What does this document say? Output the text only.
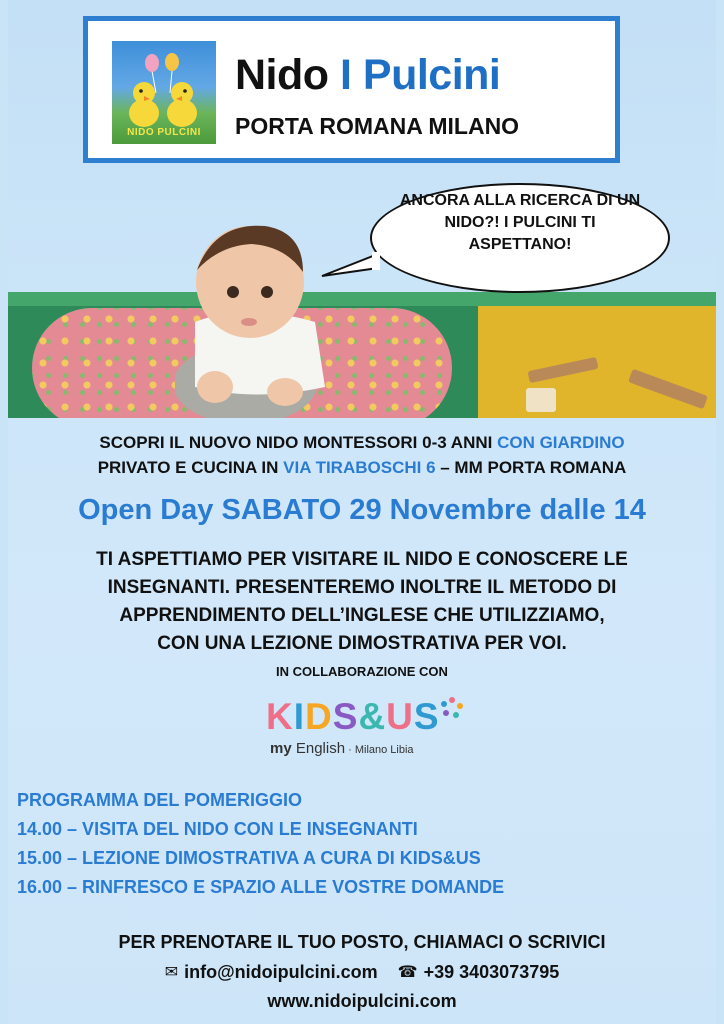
NIDO PULCINI
Nido I Pulcini
PORTA ROMANA MILANO
ANCORA ALLA RICERCA DI UN NIDO?! I PULCINI TI ASPETTANO!
SCOPRI IL NUOVO NIDO MONTESSORI 0-3 ANNI CON GIARDINO
PRIVATO E CUCINA IN VIA TIRABOSCHI 6 – MM PORTA ROMANA
Open Day SABATO 29 Novembre dalle 14
TI ASPETTIAMO PER VISITARE IL NIDO E CONOSCERE LE
INSEGNANTI. PRESENTEREMO INOLTRE IL METODO DI
APPRENDIMENTO DELL’INGLESE CHE UTILIZZIAMO,
CON UNA LEZIONE DIMOSTRATIVA PER VOI.
IN COLLABORAZIONE CON
KIDS&US
my English · Milano Libia
PROGRAMMA DEL POMERIGGIO
14.00 – VISITA DEL NIDO CON LE INSEGNANTI
15.00 – LEZIONE DIMOSTRATIVA A CURA DI KIDS&US
16.00 – RINFRESCO E SPAZIO ALLE VOSTRE DOMANDE
PER PRENOTARE IL TUO POSTO, CHIAMACI O SCRIVICI
✉ info@nidoipulcini.com ☎ +39 3403073795
www.nidoipulcini.com
